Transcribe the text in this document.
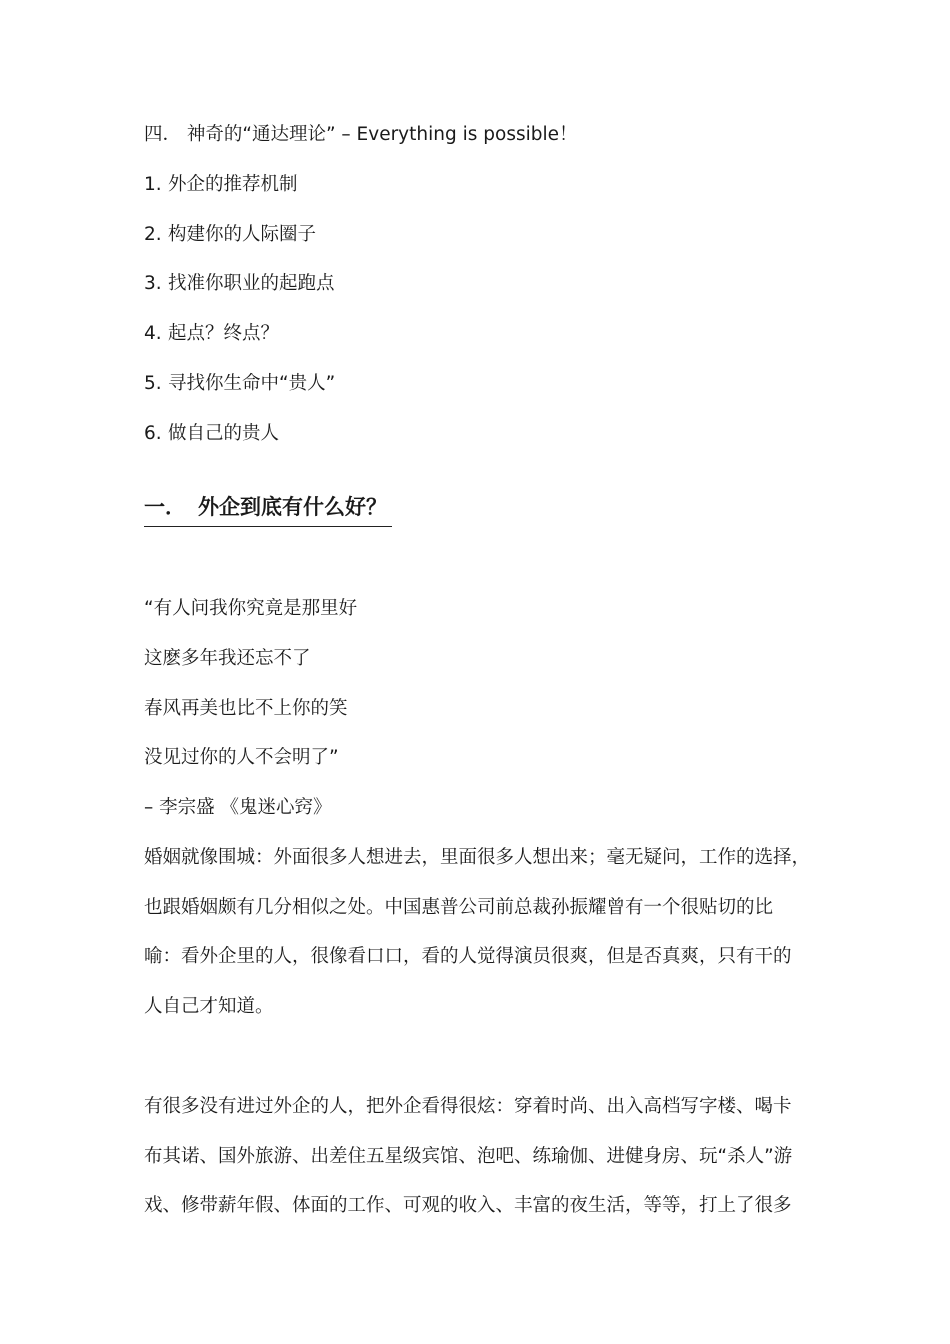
四． 神奇的“通达理论” – Everything is possible！
1. 外企的推荐机制
2. 构建你的人际圈子
3. 找准你职业的起跑点
4. 起点？终点？
5. 寻找你生命中“贵人”
6. 做自己的贵人
一． 外企到底有什么好？
“有人问我你究竟是那里好
这麽多年我还忘不了
春风再美也比不上你的笑
没见过你的人不会明了”
– 李宗盛 《鬼迷心窍》
婚姻就像围城：外面很多人想进去，里面很多人想出来；毫无疑问，工作的选择，
也跟婚姻颇有几分相似之处。中国惠普公司前总裁孙振耀曾有一个很贴切的比
喻：看外企里的人，很像看口口，看的人觉得演员很爽，但是否真爽，只有干的
人自己才知道。
有很多没有进过外企的人，把外企看得很炫：穿着时尚、出入高档写字楼、喝卡
布其诺、国外旅游、出差住五星级宾馆、泡吧、练瑜伽、进健身房、玩“杀人”游
戏、修带薪年假、体面的工作、可观的收入、丰富的夜生活，等等，打上了很多
